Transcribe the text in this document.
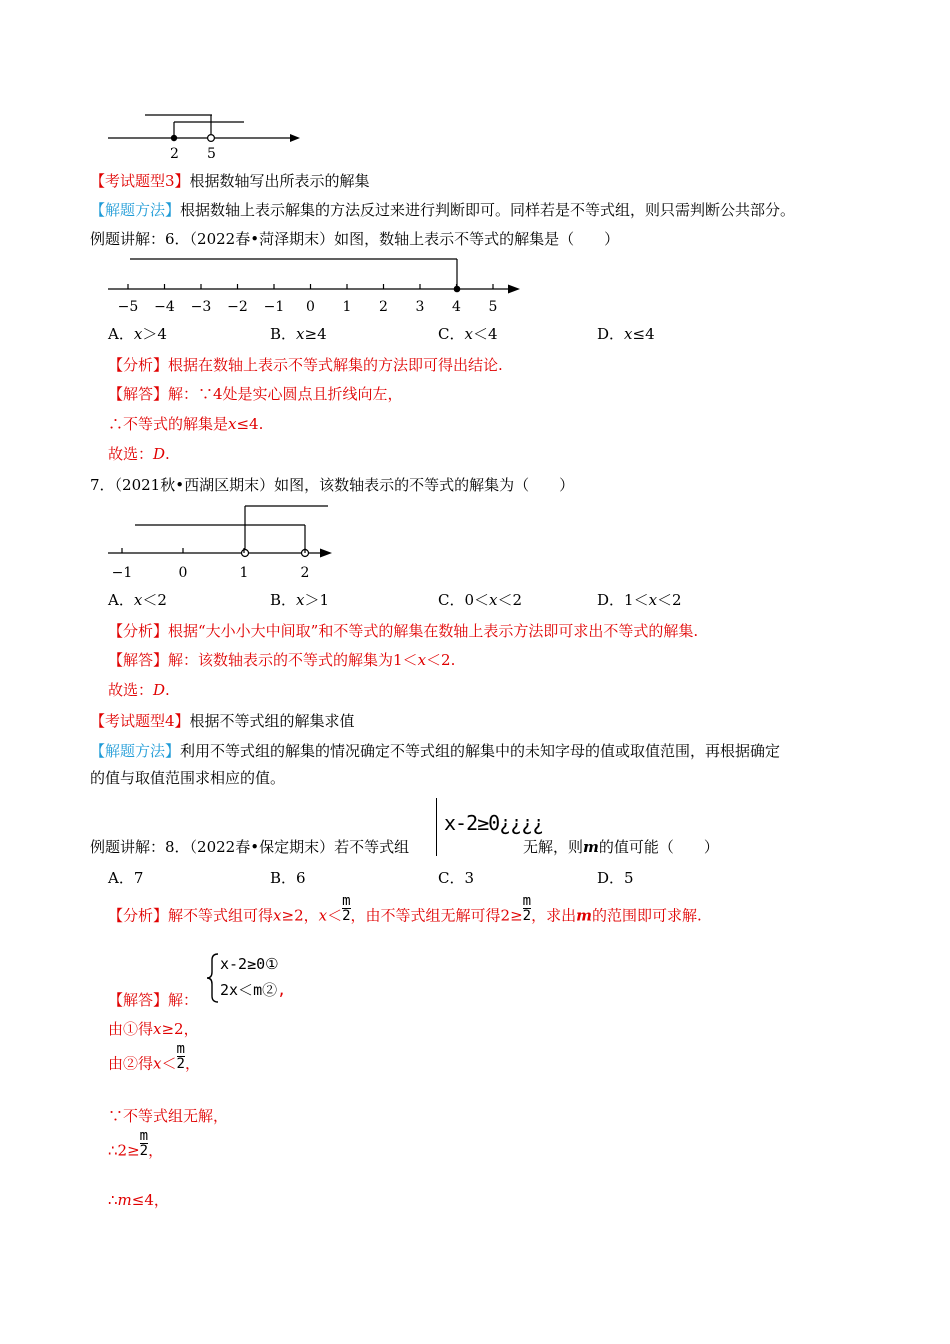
2 5
【考试题型3】根据数轴写出所表示的解集
【解题方法】根据数轴上表示解集的方法反过来进行判断即可。同样若是不等式组，则只需判断公共部分。
例题讲解：6．（2022春•菏泽期末）如图，数轴上表示不等式的解集是（　　）
−5 −4 −3 −2 −1 0 1 2 3 4 5
A．x＞4	B．x≥4	C．x＜4	D．x≤4
【分析】根据在数轴上表示不等式解集的方法即可得出结论.
【解答】解：∵4处是实心圆点且折线向左，
∴不等式的解集是x≤4.
故选：D.
7．（2021秋•西湖区期末）如图，该数轴表示的不等式的解集为（　　）
−1	0	1	2
A．x＜2	B．x＞1	C．0＜x＜2	D．1＜x＜2
【分析】根据“大小小大中间取”和不等式的解集在数轴上表示方法即可求出不等式的解集.
【解答】解：该数轴表示的不等式的解集为1＜x＜2.
故选：D.
【考试题型4】根据不等式组的解集求值
【解题方法】利用不等式组的解集的情况确定不等式组的解集中的未知字母的值或取值范围，再根据确定
的值与取值范围求相应的值。
例题讲解：8．（2022春•保定期末）若不等式组
x-2≥0¿¿¿¿
无解，则m的值可能（　　）
A．7	B．6	C．3	D．5
【分析】解不等式组可得x≥2，$x< \frac{m}{2}$ ，由不等式组无解可得$2\ge \frac{m}{2}$ ，求出m的范围即可求解.
【解答】解：
x-2≥0①
2x＜m②,
由①得x≥2，
由②得$x< \frac{m}{2}$ ，
∵不等式组无解，
∴2≥ $\frac{m}{2}$ ，
∴m≤4，
